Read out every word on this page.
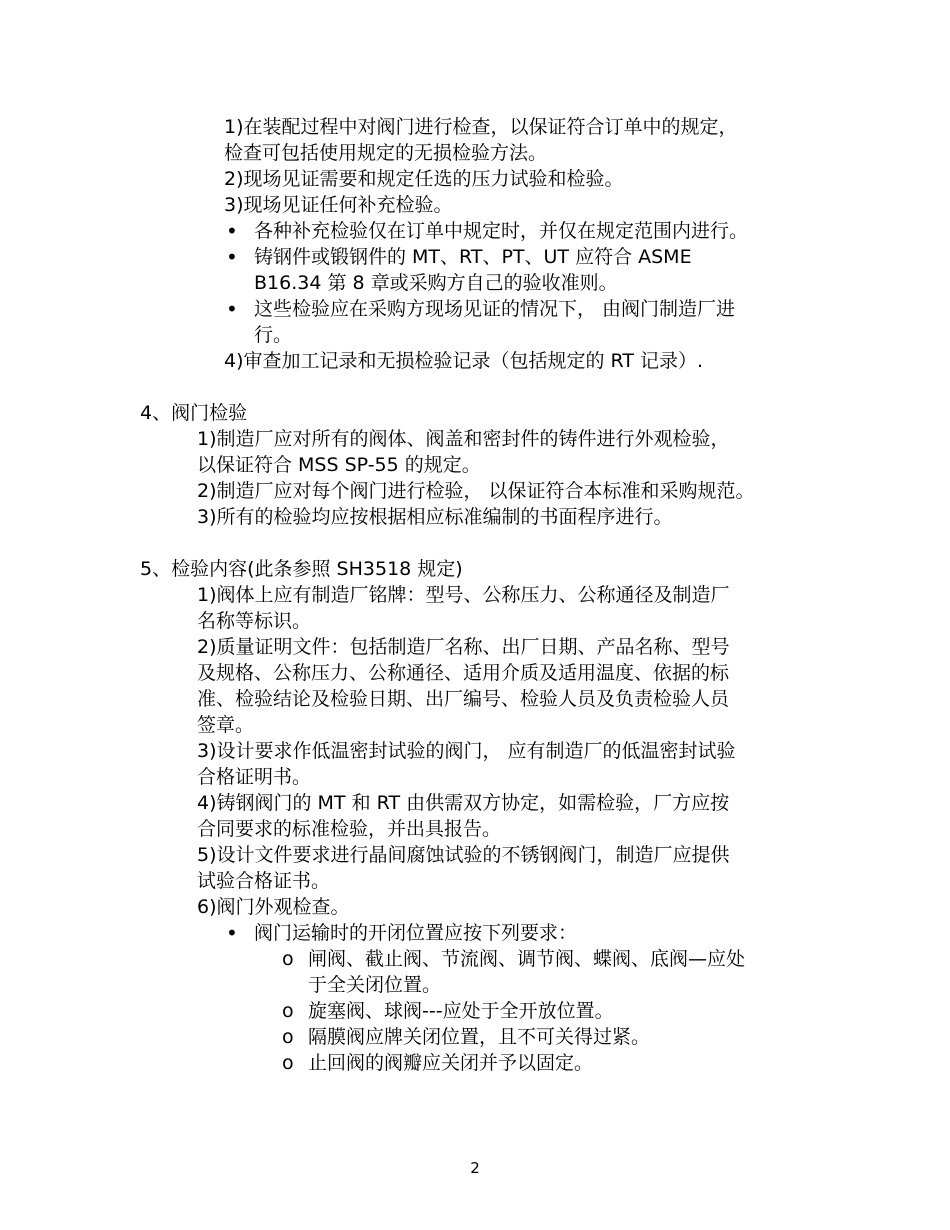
1)在装配过程中对阀门进行检查，以保证符合订单中的规定，

检查可包括使用规定的无损检验方法。

2)现场见证需要和规定任选的压力试验和检验。

3)现场见证任何补充检验。

• 各种补充检验仅在订单中规定时，并仅在规定范围内进行。

• 铸钢件或锻钢件的 MT、RT、PT、UT 应符合 ASME

B16.34 第 8 章或采购方自己的验收准则。

• 这些检验应在采购方现场见证的情况下， 由阀门制造厂进

行。

4)审查加工记录和无损检验记录（包括规定的 RT 记录）.

4、阀门检验

1)制造厂应对所有的阀体、阀盖和密封件的铸件进行外观检验，

以保证符合 MSS SP-55 的规定。

2)制造厂应对每个阀门进行检验， 以保证符合本标准和采购规范。

3)所有的检验均应按根据相应标准编制的书面程序进行。

5、检验内容(此条参照 SH3518 规定)

1)阀体上应有制造厂铭牌：型号、公称压力、公称通径及制造厂

名称等标识。

2)质量证明文件：包括制造厂名称、出厂日期、产品名称、型号

及规格、公称压力、公称通径、适用介质及适用温度、依据的标

准、检验结论及检验日期、出厂编号、检验人员及负责检验人员

签章。

3)设计要求作低温密封试验的阀门， 应有制造厂的低温密封试验

合格证明书。

4)铸钢阀门的 MT 和 RT 由供需双方协定，如需检验，厂方应按

合同要求的标准检验，并出具报告。

5)设计文件要求进行晶间腐蚀试验的不锈钢阀门，制造厂应提供

试验合格证书。

6)阀门外观检查。

• 阀门运输时的开闭位置应按下列要求：

o 闸阀、截止阀、节流阀、调节阀、蝶阀、底阀—应处

于全关闭位置。

o 旋塞阀、球阀---应处于全开放位置。

o 隔膜阀应牌关闭位置，且不可关得过紧。

o 止回阀的阀瓣应关闭并予以固定。

2
